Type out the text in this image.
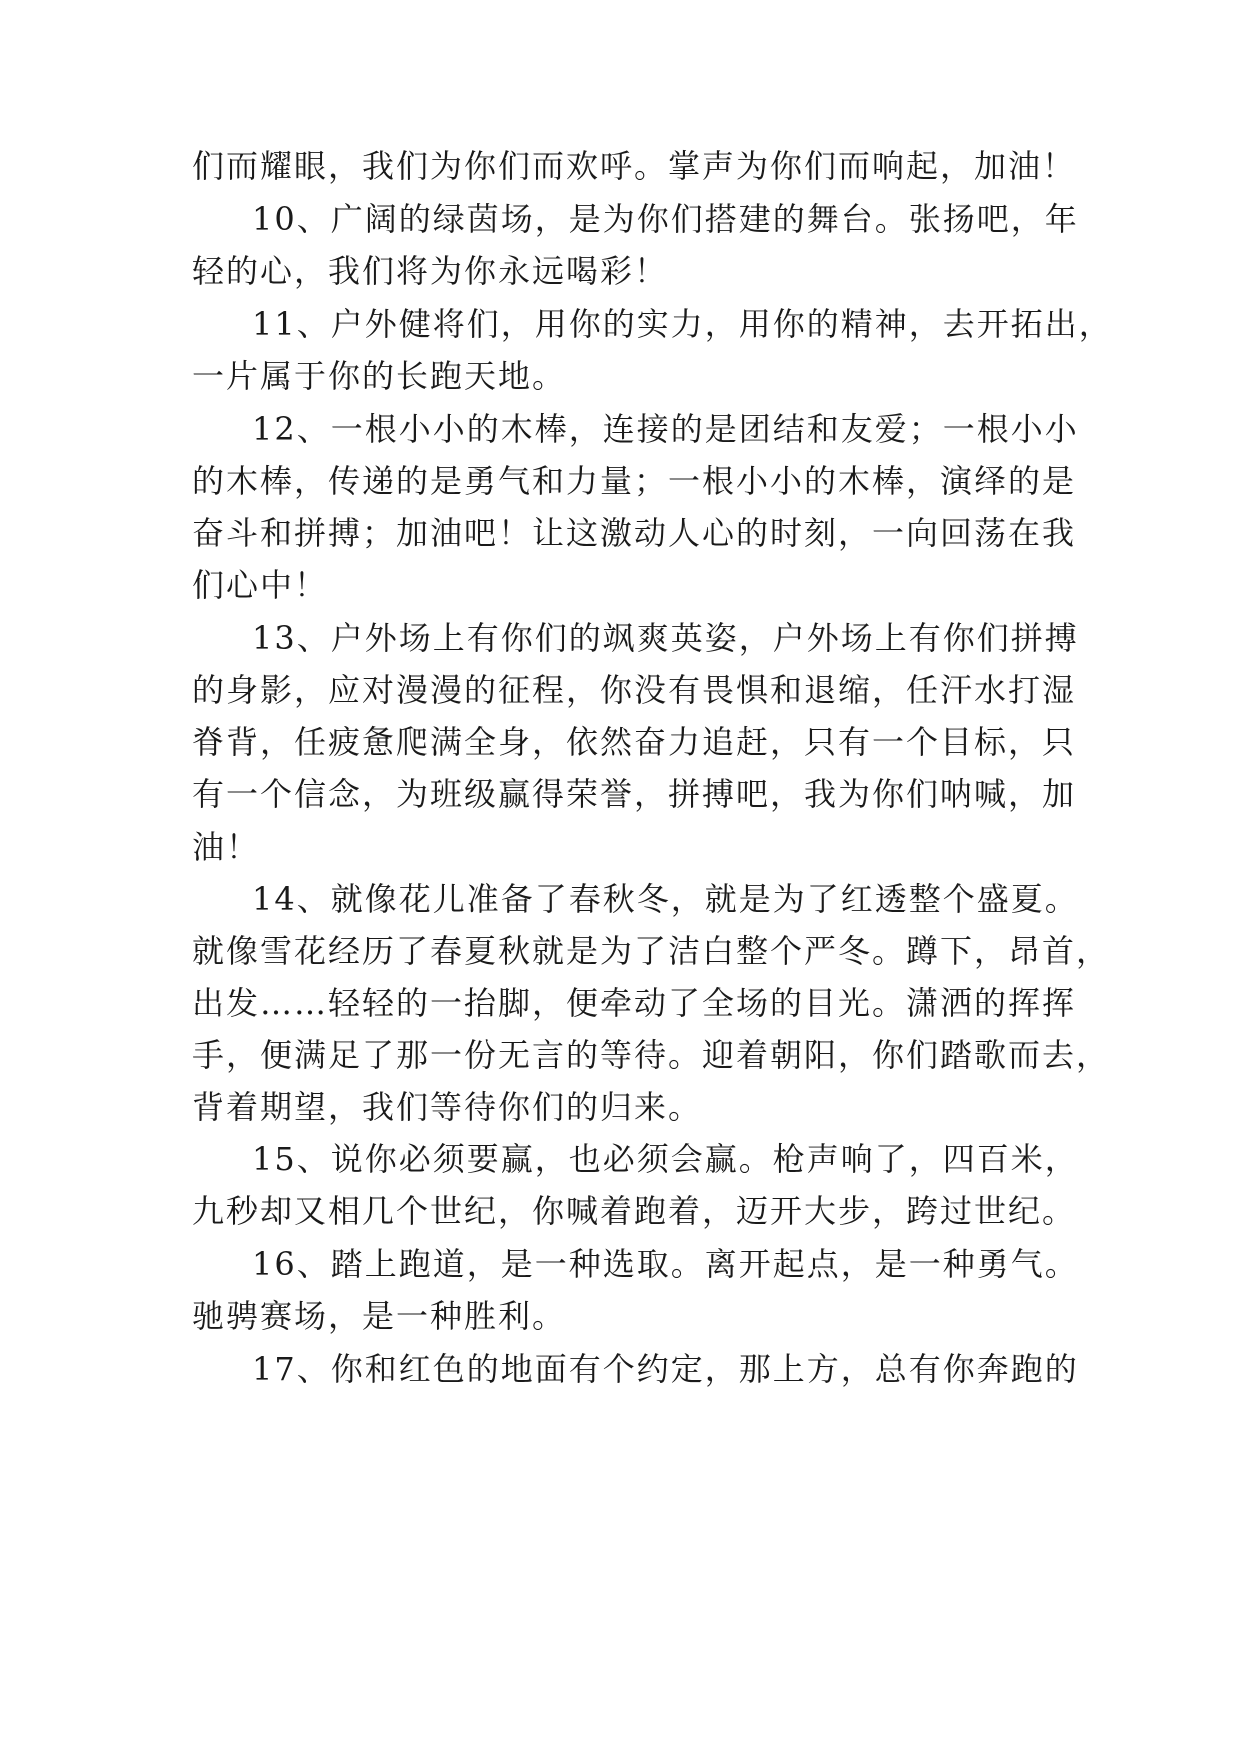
们而耀眼，我们为你们而欢呼。掌声为你们而响起，加油！
10、广阔的绿茵场，是为你们搭建的舞台。张扬吧，年
轻的心，我们将为你永远喝彩！
11、户外健将们，用你的实力，用你的精神，去开拓出，
一片属于你的长跑天地。
12、一根小小的木棒，连接的是团结和友爱；一根小小
的木棒，传递的是勇气和力量；一根小小的木棒，演绎的是
奋斗和拼搏；加油吧！让这激动人心的时刻，一向回荡在我
们心中！
13、户外场上有你们的飒爽英姿，户外场上有你们拼搏
的身影，应对漫漫的征程，你没有畏惧和退缩，任汗水打湿
脊背，任疲惫爬满全身，依然奋力追赶，只有一个目标，只
有一个信念，为班级赢得荣誉，拼搏吧，我为你们呐喊，加
油！
14、就像花儿准备了春秋冬，就是为了红透整个盛夏。
就像雪花经历了春夏秋就是为了洁白整个严冬。蹲下，昂首，
出发……轻轻的一抬脚，便牵动了全场的目光。潇洒的挥挥
手，便满足了那一份无言的等待。迎着朝阳，你们踏歌而去，
背着期望，我们等待你们的归来。
15、说你必须要赢，也必须会赢。枪声响了，四百米，
九秒却又相几个世纪，你喊着跑着，迈开大步，跨过世纪。
16、踏上跑道，是一种选取。离开起点，是一种勇气。
驰骋赛场，是一种胜利。
17、你和红色的地面有个约定，那上方，总有你奔跑的
